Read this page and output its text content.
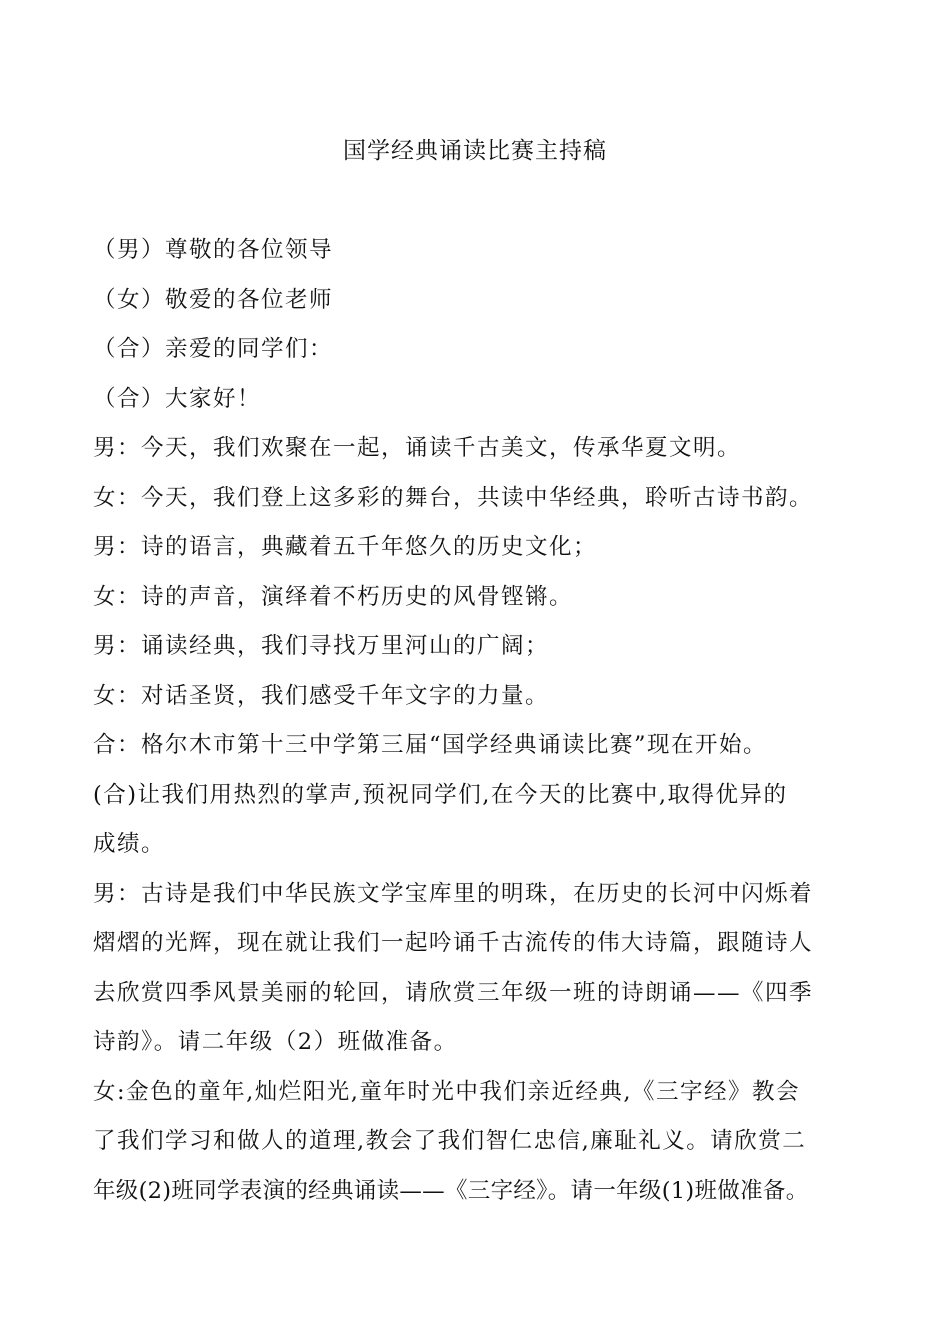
国学经典诵读比赛主持稿
（男）尊敬的各位领导
（女）敬爱的各位老师
（合）亲爱的同学们：
（合）大家好！
男：今天，我们欢聚在一起，诵读千古美文，传承华夏文明。
女：今天，我们登上这多彩的舞台，共读中华经典，聆听古诗书韵。
男：诗的语言，典藏着五千年悠久的历史文化；
女：诗的声音，演绎着不朽历史的风骨铿锵。
男：诵读经典，我们寻找万里河山的广阔；
女：对话圣贤，我们感受千年文字的力量。
合：格尔木市第十三中学第三届“国学经典诵读比赛”现在开始。
(合)让我们用热烈的掌声,预祝同学们,在今天的比赛中,取得优异的
成绩。
男：古诗是我们中华民族文学宝库里的明珠，在历史的长河中闪烁着
熠熠的光辉，现在就让我们一起吟诵千古流传的伟大诗篇，跟随诗人
去欣赏四季风景美丽的轮回，请欣赏三年级一班的诗朗诵——《四季
诗韵》。请二年级（2）班做准备。
女:金色的童年,灿烂阳光,童年时光中我们亲近经典,《三字经》教会
了我们学习和做人的道理,教会了我们智仁忠信,廉耻礼义。请欣赏二
年级(2)班同学表演的经典诵读——《三字经》。请一年级(1)班做准备。
